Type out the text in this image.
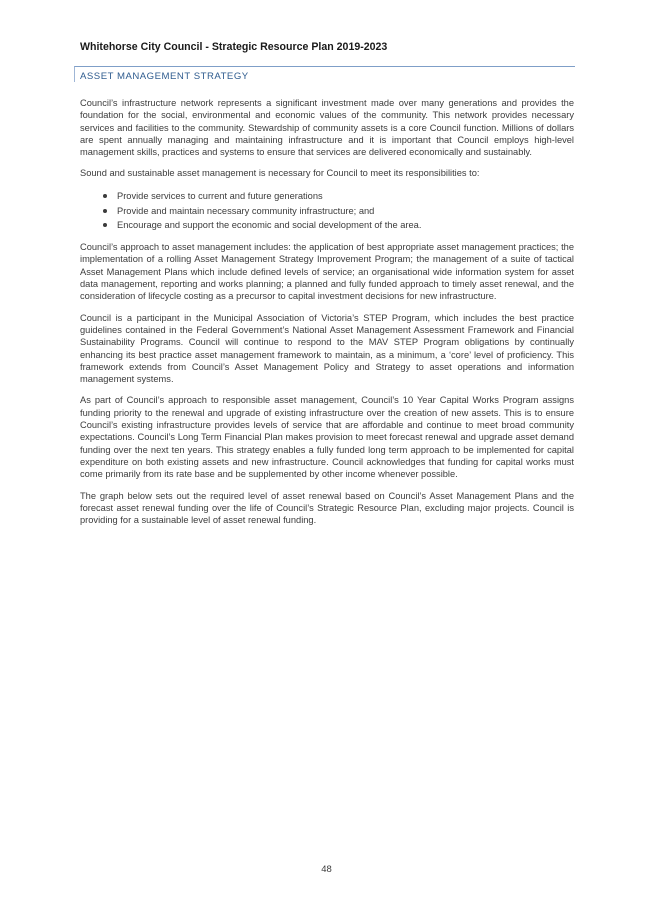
Whitehorse City Council - Strategic Resource Plan 2019-2023
ASSET MANAGEMENT STRATEGY

Council’s infrastructure network represents a significant investment made over many generations and provides the foundation for the social, environmental and economic values of the community. This network provides necessary services and facilities to the community. Stewardship of community assets is a core Council function. Millions of dollars are spent annually managing and maintaining infrastructure and it is important that Council employs high-level management skills, practices and systems to ensure that services are delivered economically and sustainably.

Sound and sustainable asset management is necessary for Council to meet its responsibilities to:

Provide services to current and future generations
Provide and maintain necessary community infrastructure; and
Encourage and support the economic and social development of the area.

Council’s approach to asset management includes: the application of best appropriate asset management practices; the implementation of a rolling Asset Management Strategy Improvement Program; the management of a suite of tactical Asset Management Plans which include defined levels of service; an organisational wide information system for asset data management, reporting and works planning; a planned and fully funded approach to timely asset renewal, and the consideration of lifecycle costing as a precursor to capital investment decisions for new infrastructure.

Council is a participant in the Municipal Association of Victoria’s STEP Program, which includes the best practice guidelines contained in the Federal Government’s National Asset Management Assessment Framework and Financial Sustainability Programs. Council will continue to respond to the MAV STEP Program obligations by continually enhancing its best practice asset management framework to maintain, as a minimum, a ‘core’ level of proficiency. This framework extends from Council’s Asset Management Policy and Strategy to asset operations and information management systems.

As part of Council’s approach to responsible asset management, Council’s 10 Year Capital Works Program assigns funding priority to the renewal and upgrade of existing infrastructure over the creation of new assets. This is to ensure Council’s existing infrastructure provides levels of service that are affordable and continue to meet broad community expectations. Council’s Long Term Financial Plan makes provision to meet forecast renewal and upgrade asset demand funding over the next ten years. This strategy enables a fully funded long term approach to be implemented for capital expenditure on both existing assets and new infrastructure. Council acknowledges that funding for capital works must come primarily from its rate base and be supplemented by other income whenever possible.

The graph below sets out the required level of asset renewal based on Council’s Asset Management Plans and the forecast asset renewal funding over the life of Council’s Strategic Resource Plan, excluding major projects. Council is providing for a sustainable level of asset renewal funding.

48
